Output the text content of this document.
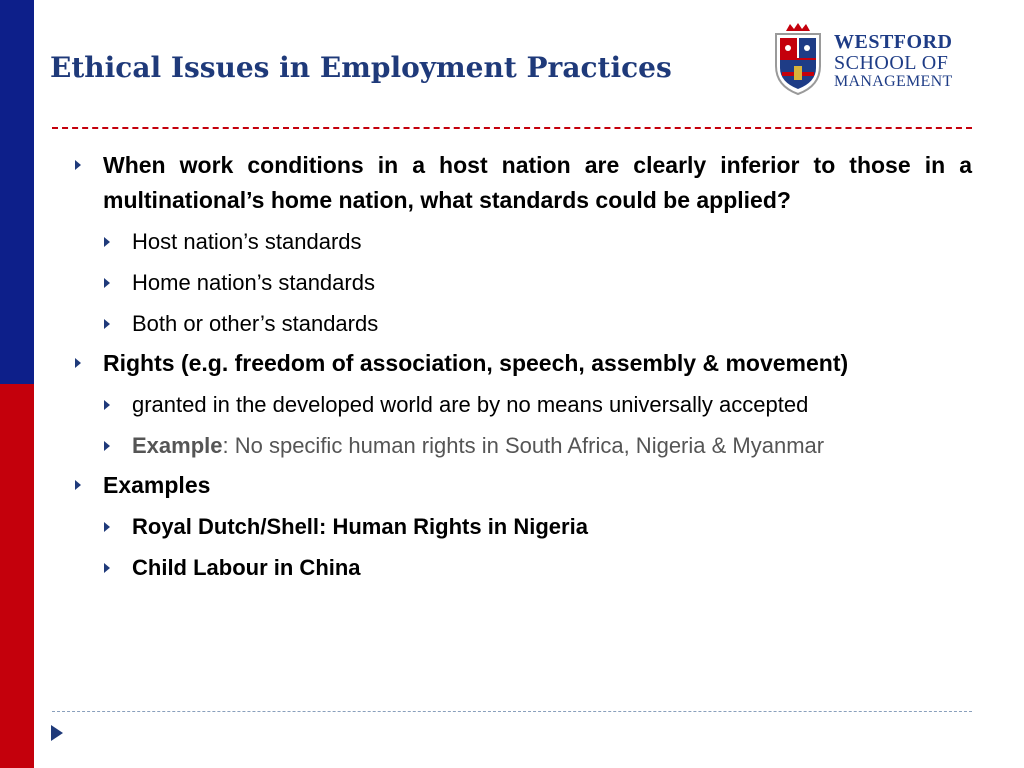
Ethical Issues in Employment Practices
WESTFORD
SCHOOL OF
MANAGEMENT
When work conditions in a host nation are clearly inferior to those in a multinational’s home nation, what standards could be applied?
Host nation’s standards
Home nation’s standards
Both or other’s standards
Rights (e.g. freedom of association, speech, assembly & movement)
granted in the developed world are by no means universally accepted
Example: No specific human rights in South Africa, Nigeria & Myanmar
Examples
Royal Dutch/Shell: Human Rights in Nigeria
Child Labour in China
